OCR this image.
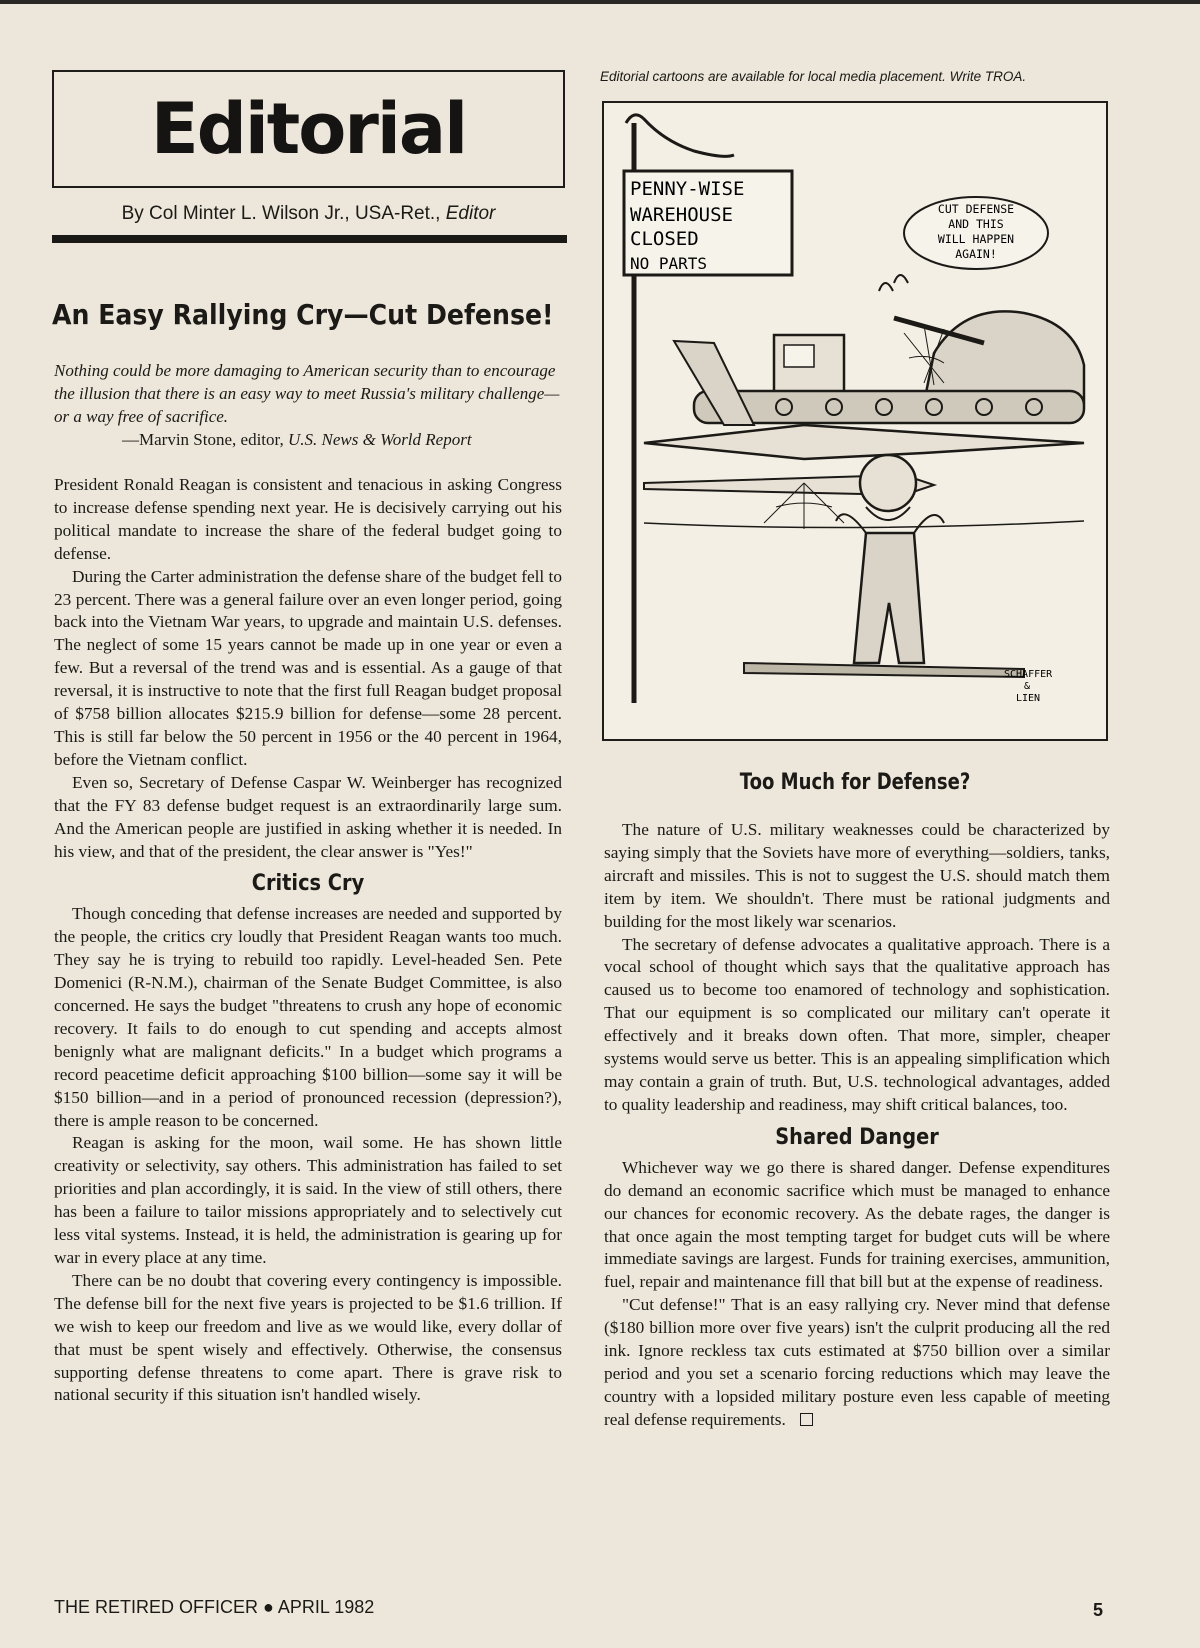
Editorial
By Col Minter L. Wilson Jr., USA-Ret., Editor
An Easy Rallying Cry—Cut Defense!

Nothing could be more damaging to American security than to encourage the illusion that there is an easy way to meet Russia's military challenge—or a way free of sacrifice.

—Marvin Stone, editor, U.S. News & World Report

President Ronald Reagan is consistent and tenacious in asking Congress to increase defense spending next year. He is decisively carrying out his political mandate to increase the share of the federal budget going to defense.

During the Carter administration the defense share of the budget fell to 23 percent. There was a general failure over an even longer period, going back into the Vietnam War years, to upgrade and maintain U.S. defenses. The neglect of some 15 years cannot be made up in one year or even a few. But a reversal of the trend was and is essential. As a gauge of that reversal, it is instructive to note that the first full Reagan budget proposal of $758 billion allocates $215.9 billion for defense—some 28 percent. This is still far below the 50 percent in 1956 or the 40 percent in 1964, before the Vietnam conflict.

Even so, Secretary of Defense Caspar W. Weinberger has recognized that the FY 83 defense budget request is an extraordinarily large sum. And the American people are justified in asking whether it is needed. In his view, and that of the president, the clear answer is "Yes!"

Critics Cry

Though conceding that defense increases are needed and supported by the people, the critics cry loudly that President Reagan wants too much. They say he is trying to rebuild too rapidly. Level-headed Sen. Pete Domenici (R-N.M.), chairman of the Senate Budget Committee, is also concerned. He says the budget "threatens to crush any hope of economic recovery. It fails to do enough to cut spending and accepts almost benignly what are malignant deficits." In a budget which programs a record peacetime deficit approaching $100 billion—some say it will be $150 billion—and in a period of pronounced recession (depression?), there is ample reason to be concerned.

Reagan is asking for the moon, wail some. He has shown little creativity or selectivity, say others. This administration has failed to set priorities and plan accordingly, it is said. In the view of still others, there has been a failure to tailor missions appropriately and to selectively cut less vital systems. Instead, it is held, the administration is gearing up for war in every place at any time.

There can be no doubt that covering every contingency is impossible. The defense bill for the next five years is projected to be $1.6 trillion. If we wish to keep our freedom and live as we would like, every dollar of that must be spent wisely and effectively. Otherwise, the consensus supporting defense threatens to come apart. There is grave risk to national security if this situation isn't handled wisely.

Editorial cartoons are available for local media placement. Write TROA.
PENNY-WISE
WAREHOUSE
CLOSED
NO PARTS
CUT DEFENSE
AND THIS
WILL HAPPEN
AGAIN!
SCHAFFER
&
LIEN
Too Much for Defense?

The nature of U.S. military weaknesses could be characterized by saying simply that the Soviets have more of everything—soldiers, tanks, aircraft and missiles. This is not to suggest the U.S. should match them item by item. We shouldn't. There must be rational judgments and building for the most likely war scenarios.

The secretary of defense advocates a qualitative approach. There is a vocal school of thought which says that the qualitative approach has caused us to become too enamored of technology and sophistication. That our equipment is so complicated our military can't operate it effectively and it breaks down often. That more, simpler, cheaper systems would serve us better. This is an appealing simplification which may contain a grain of truth. But, U.S. technological advantages, added to quality leadership and readiness, may shift critical balances, too.

Shared Danger

Whichever way we go there is shared danger. Defense expenditures do demand an economic sacrifice which must be managed to enhance our chances for economic recovery. As the debate rages, the danger is that once again the most tempting target for budget cuts will be where immediate savings are largest. Funds for training exercises, ammunition, fuel, repair and maintenance fill that bill but at the expense of readiness.

"Cut defense!" That is an easy rallying cry. Never mind that defense ($180 billion more over five years) isn't the culprit producing all the red ink. Ignore reckless tax cuts estimated at $750 billion over a similar period and you set a scenario forcing reductions which may leave the country with a lopsided military posture even less capable of meeting real defense requirements.

THE RETIRED OFFICER ● APRIL 1982	5
